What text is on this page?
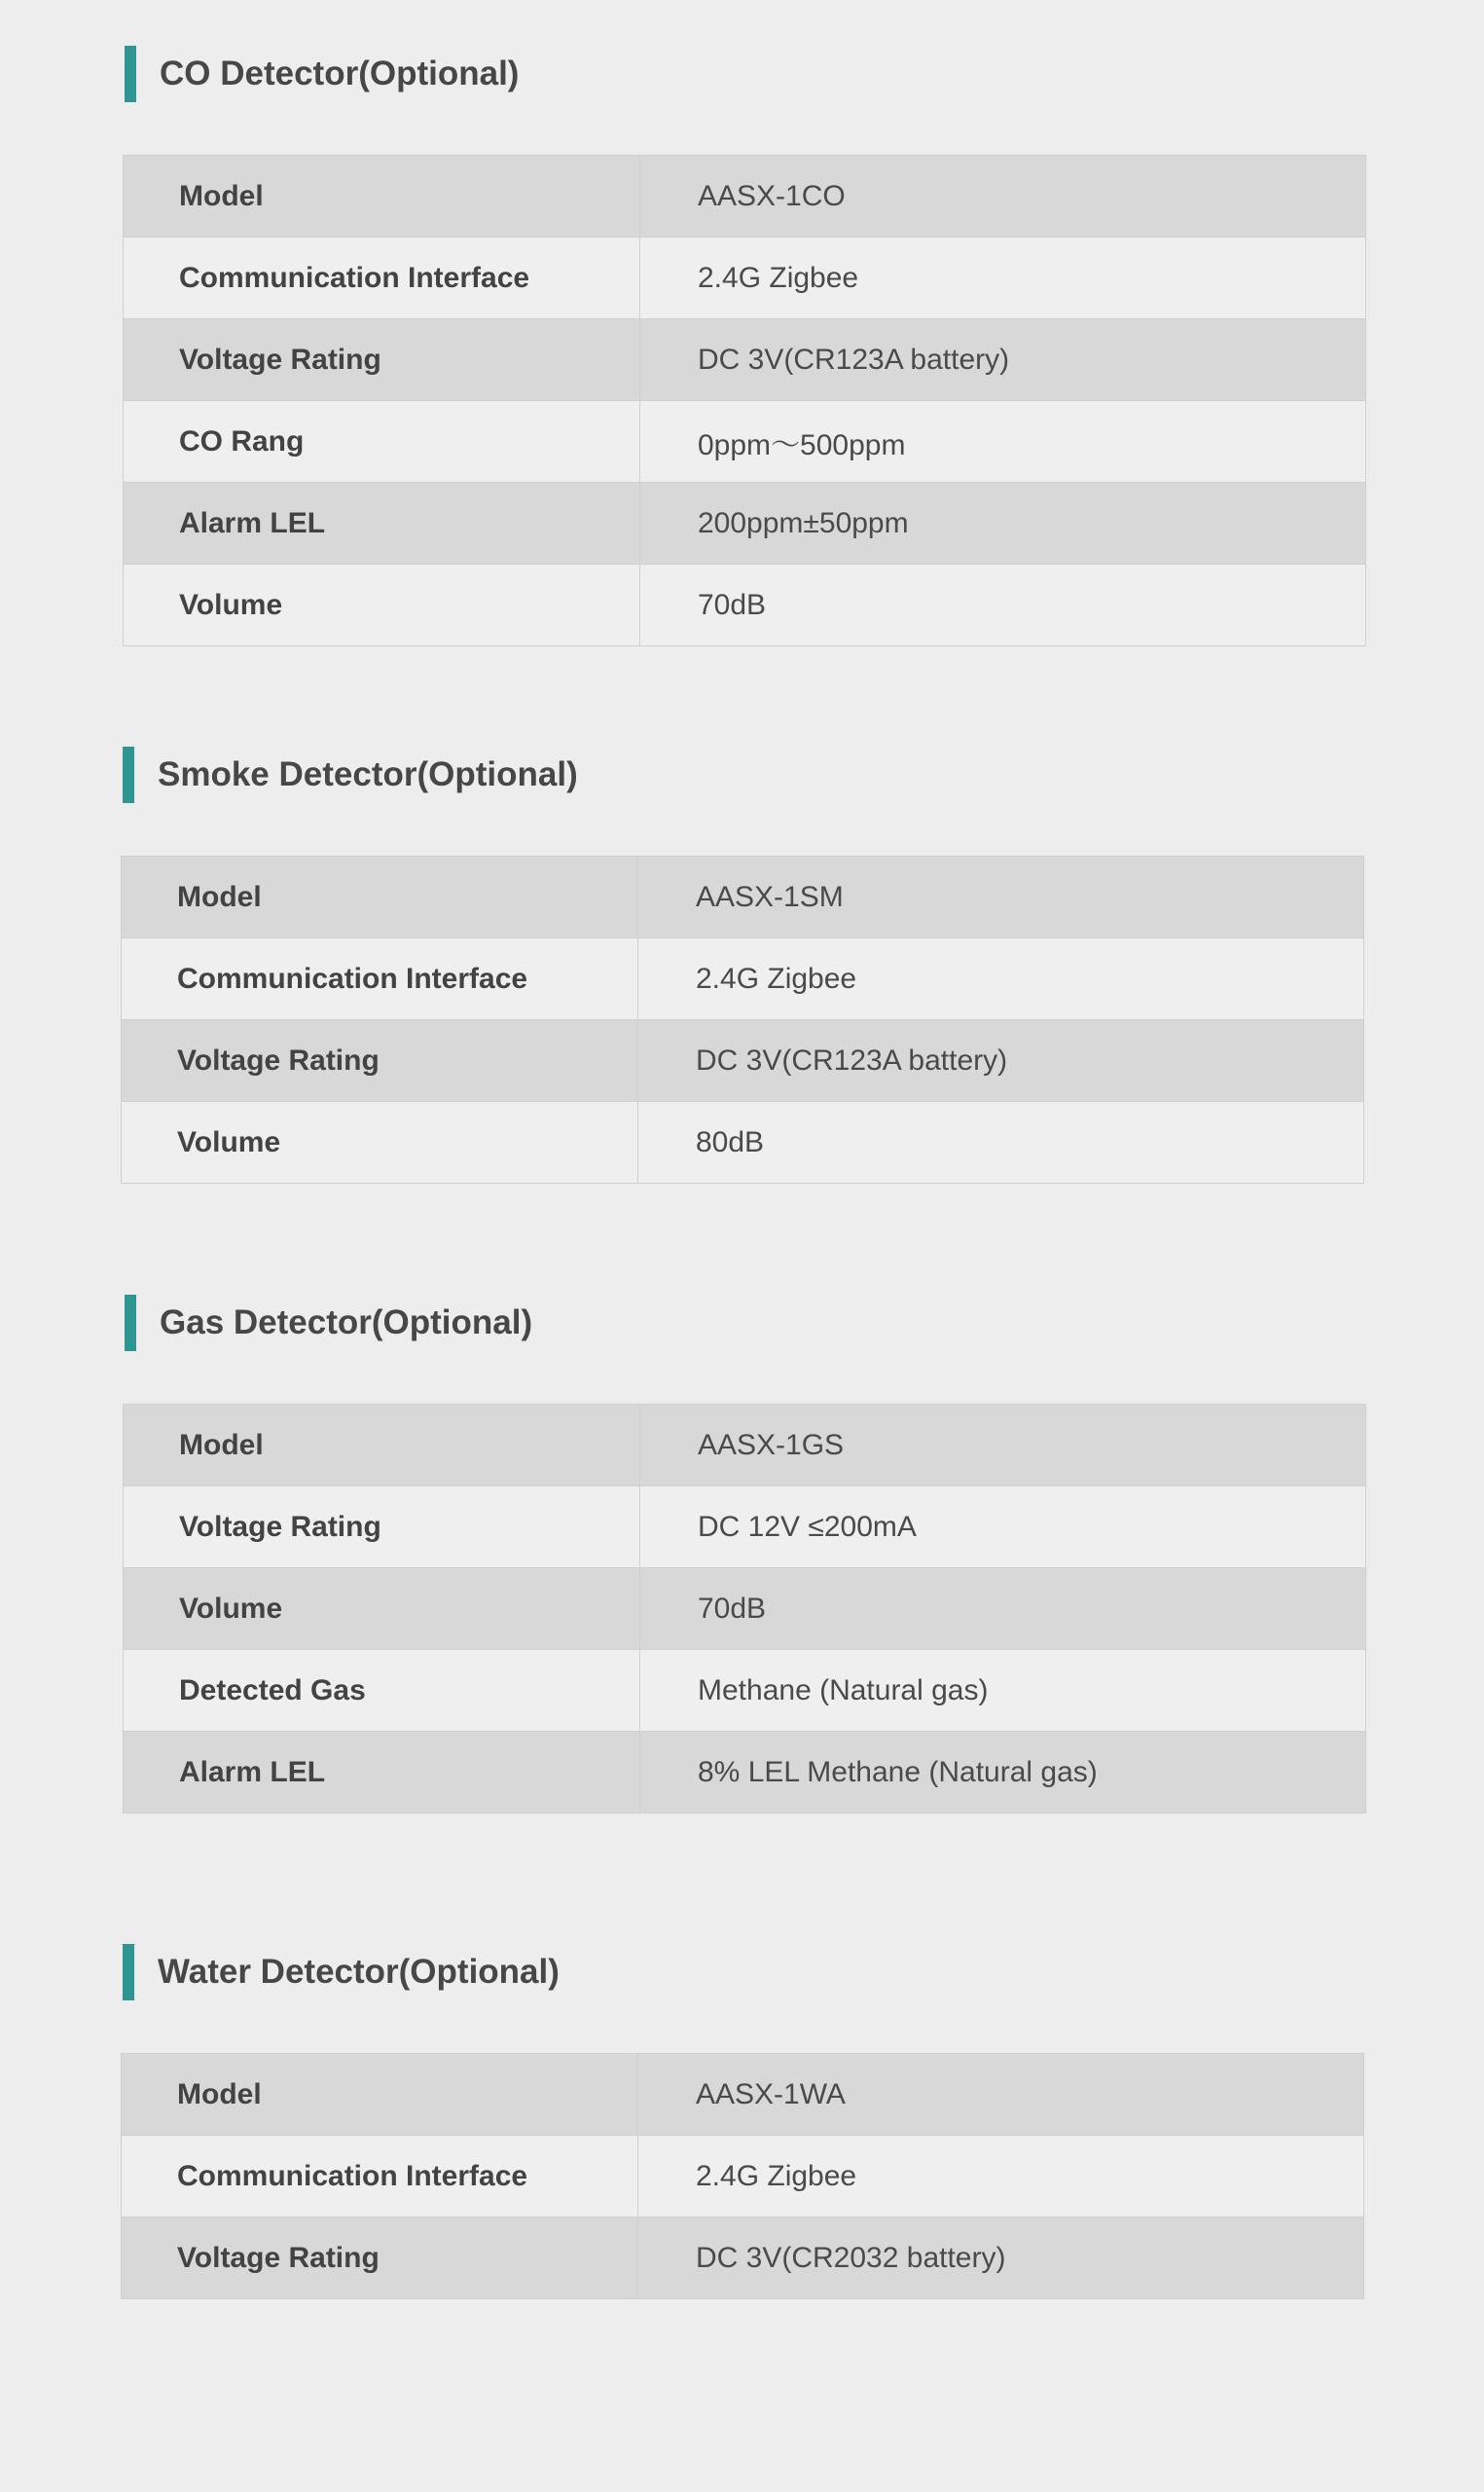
CO Detector(Optional)
Model	AASX-1CO
Communication Interface	2.4G Zigbee
Voltage Rating	DC 3V(CR123A battery)
CO Rang	0ppm～500ppm
Alarm LEL	200ppm±50ppm
Volume	70dB
Smoke Detector(Optional)
Model	AASX-1SM
Communication Interface	2.4G Zigbee
Voltage Rating	DC 3V(CR123A battery)
Volume	80dB
Gas Detector(Optional)
Model	AASX-1GS
Voltage Rating	DC 12V ≤200mA
Volume	70dB
Detected Gas	Methane (Natural gas)
Alarm LEL	8% LEL Methane (Natural gas)
Water Detector(Optional)
Model	AASX-1WA
Communication Interface	2.4G Zigbee
Voltage Rating	DC 3V(CR2032 battery)
